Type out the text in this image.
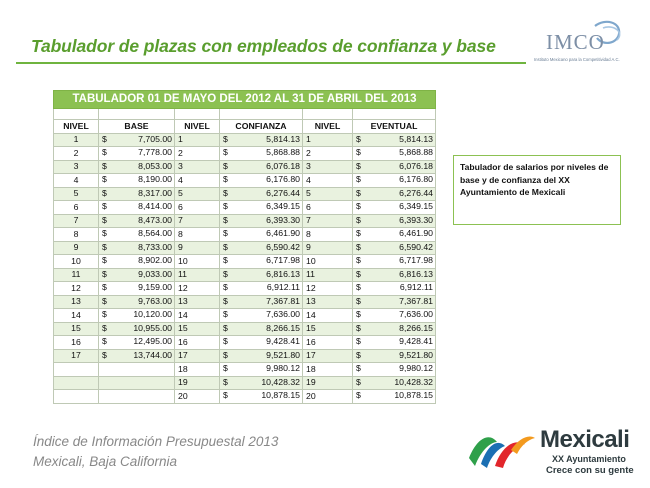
Tabulador de plazas con empleados de confianza y base IMCO
Instituto Mexicano para la Competitividad A.C.
TABULADOR 01 DE MAYO DEL 2012 AL 31 DE ABRIL DEL 2013					

NIVEL	BASE	NIVEL	CONFIANZA	NIVEL	EVENTUAL
1	$ 7,705.00	1	$ 5,814.13	1	$ 5,814.13

2	$ 7,778.00	2	$ 5,868.88	2	$ 5,868.88

3	$ 8,053.00	3	$ 6,076.18	3	$ 6,076.18

4	$ 8,190.00	4	$ 6,176.80	4	$ 6,176.80

5	$ 8,317.00	5	$ 6,276.44	5	$ 6,276.44

6	$ 8,414.00	6	$ 6,349.15	6	$ 6,349.15

7	$ 8,473.00	7	$ 6,393.30	7	$ 6,393.30

8	$ 8,564.00	8	$ 6,461.90	8	$ 6,461.90

9	$ 8,733.00	9	$ 6,590.42	9	$ 6,590.42

10	$ 8,902.00	10	$ 6,717.98	10	$ 6,717.98

11	$ 9,033.00	11	$ 6,816.13	11	$ 6,816.13

12	$ 9,159.00	12	$ 6,912.11	12	$ 6,912.11

13	$ 9,763.00	13	$ 7,367.81	13	$ 7,367.81

14	$ 10,120.00	14	$ 7,636.00	14	$ 7,636.00

15	$ 10,955.00	15	$ 8,266.15	15	$ 8,266.15

16	$ 12,495.00	16	$ 9,428.41	16	$ 9,428.41

17	$ 13,744.00	17	$ 9,521.80	17	$ 9,521.80

		18	$ 9,980.12	18	$ 9,980.12

		19	$ 10,428.32	19	$ 10,428.32

		20	$ 10,878.15	20	$ 10,878.15
Tabulador de salarios por niveles de base y de confianza del XX Ayuntamiento de Mexicali
Índice de Información Presupuestal 2013
Mexicali, Baja California
Mexicali
XX Ayuntamiento
Crece con su gente
